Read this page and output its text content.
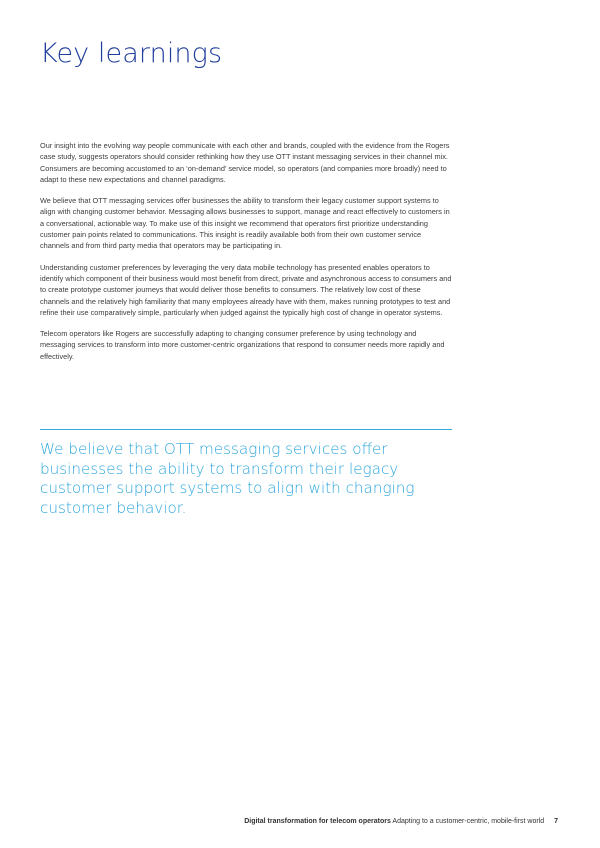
Key learnings

Our insight into the evolving way people communicate with each other and brands, coupled with the evidence from the Rogers case study, suggests operators should consider rethinking how they use OTT instant messaging services in their channel mix. Consumers are becoming accustomed to an ‘on-demand’ service model, so operators (and companies more broadly) need to adapt to these new expectations and channel paradigms.

We believe that OTT messaging services offer businesses the ability to transform their legacy customer support systems to align with changing customer behavior. Messaging allows businesses to support, manage and react effectively to customers in a conversational, actionable way. To make use of this insight we recommend that operators first prioritize understanding customer pain points related to communications. This insight is readily available both from their own customer service channels and from third party media that operators may be participating in.

Understanding customer preferences by leveraging the very data mobile technology has presented enables operators to identify which component of their business would most benefit from direct, private and asynchronous access to consumers and to create prototype customer journeys that would deliver those benefits to consumers. The relatively low cost of these channels and the relatively high familiarity that many employees already have with them, makes running prototypes to test and refine their use comparatively simple, particularly when judged against the typically high cost of change in operator systems.

Telecom operators like Rogers are successfully adapting to changing consumer preference by using technology and messaging services to transform into more customer-centric organizations that respond to consumer needs more rapidly and effectively.

We believe that OTT messaging services offer businesses the ability to transform their legacy customer support systems to align with changing customer behavior.

Digital transformation for telecom operators Adapting to a customer-centric, mobile-first world 7
